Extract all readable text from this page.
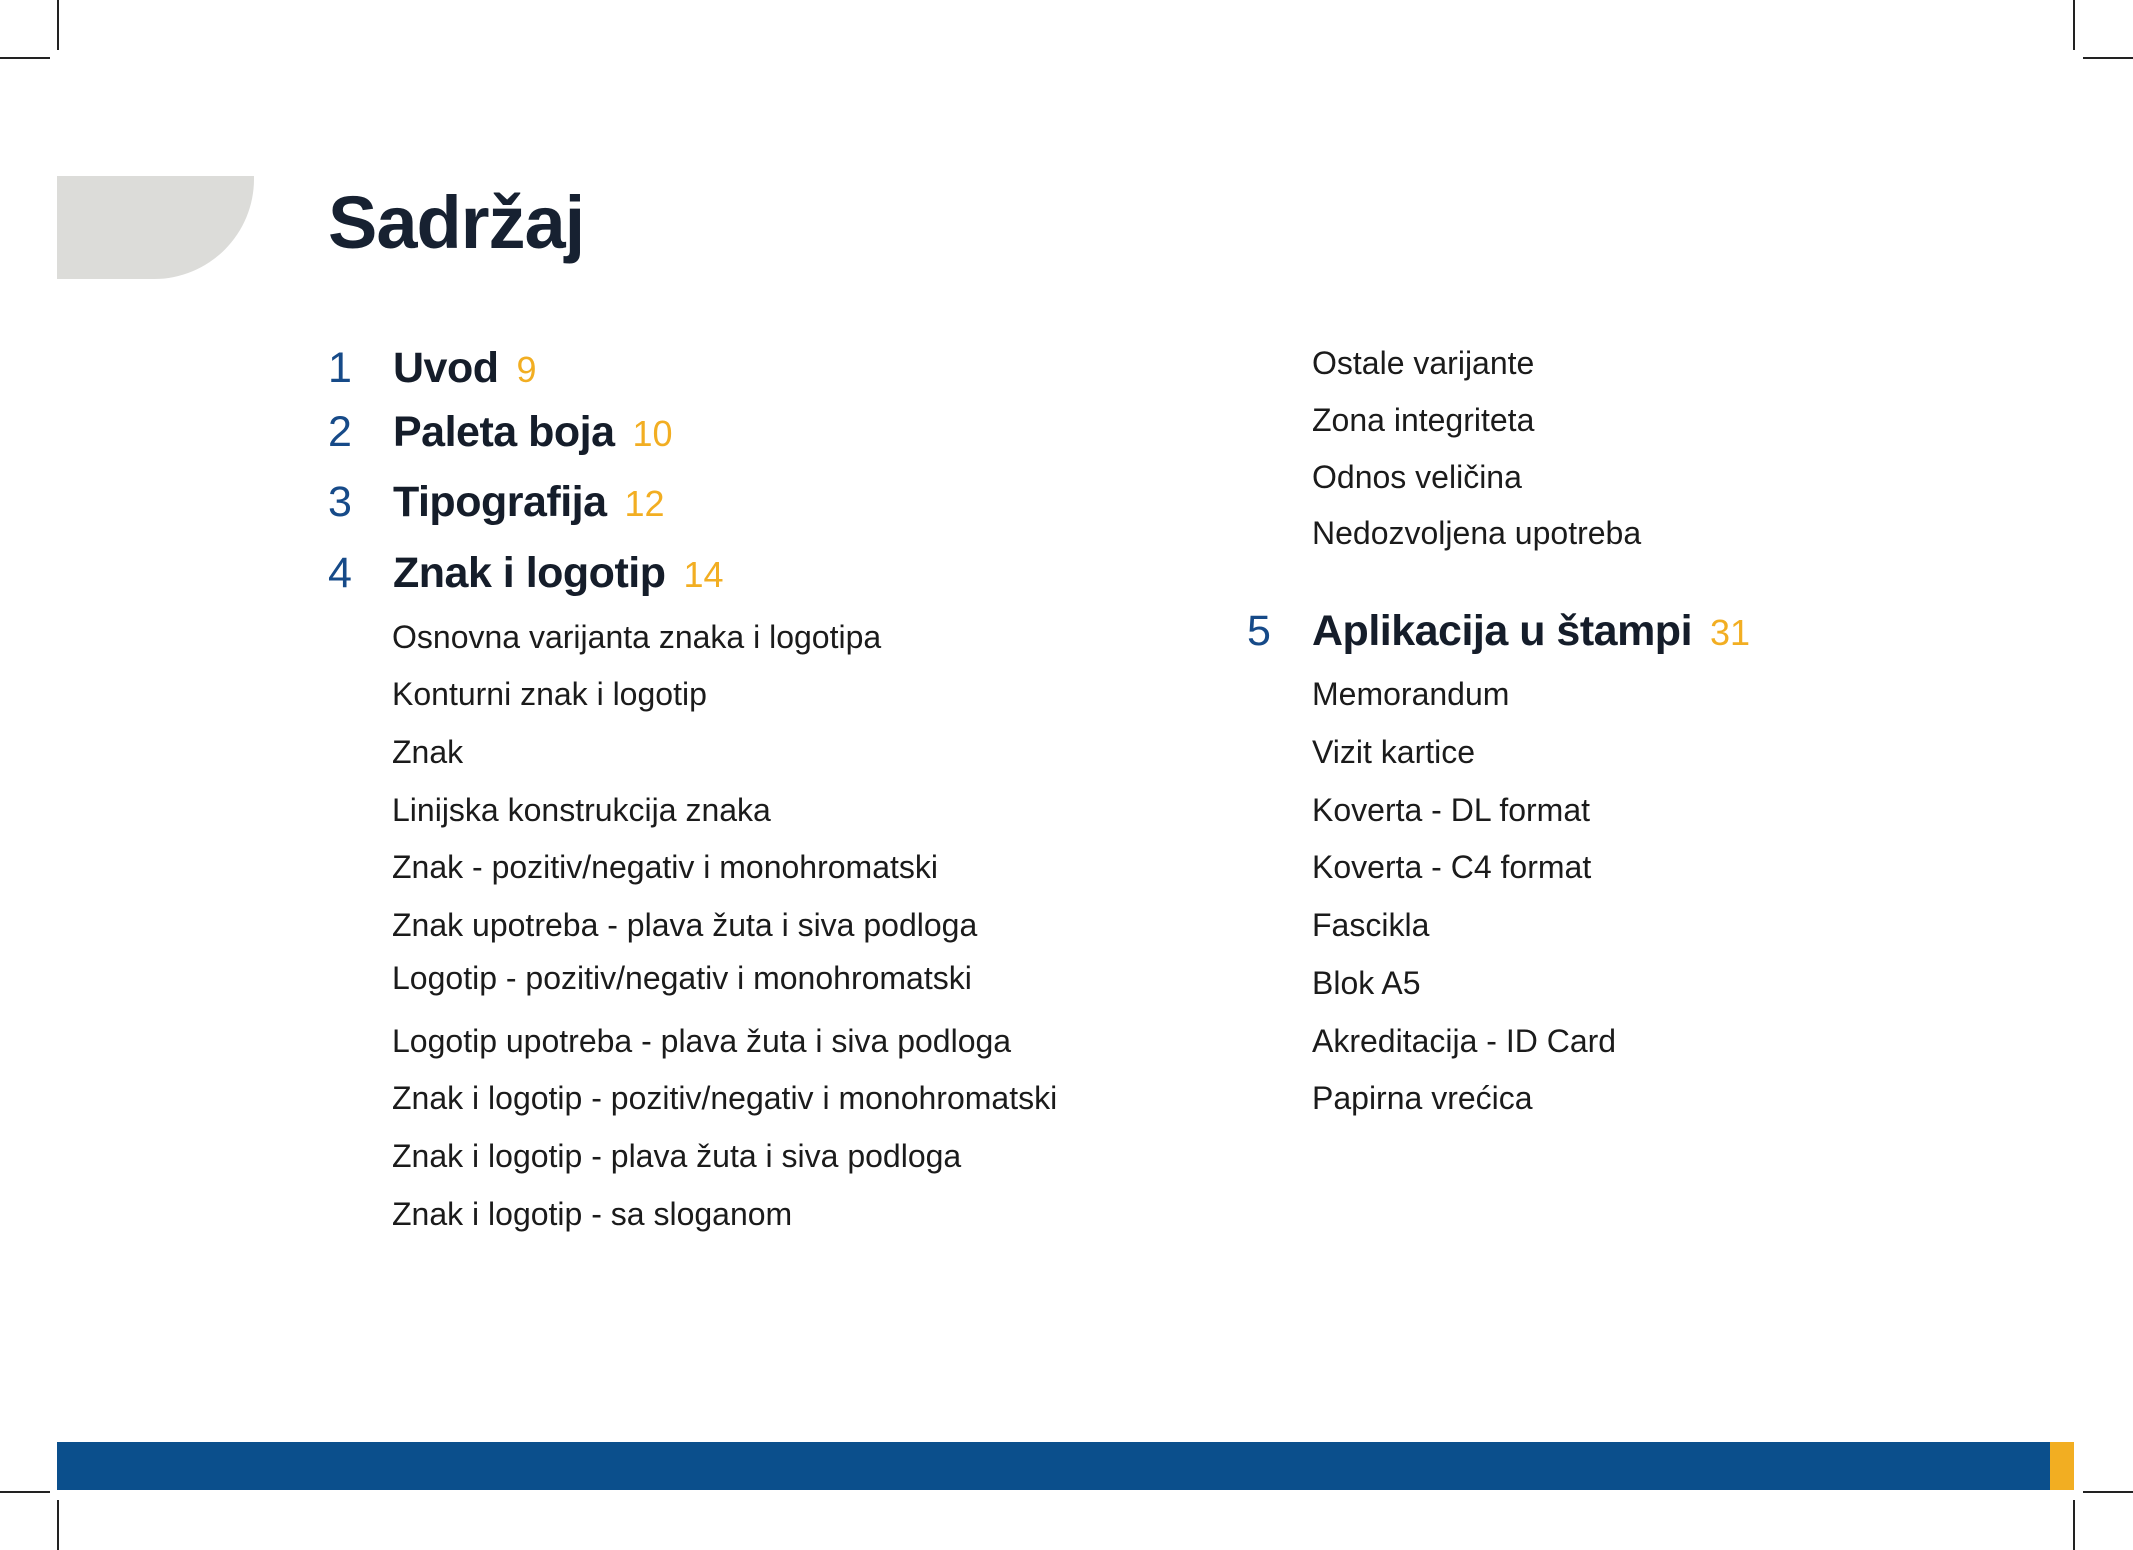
Sadržaj
1 Uvod 9
2 Paleta boja 10
3 Tipografija 12
4 Znak i logotip 14
Osnovna varijanta znaka i logotipa
Konturni znak i logotip
Znak
Linijska konstrukcija znaka
Znak - pozitiv/negativ i monohromatski
Znak upotreba - plava žuta i siva podloga
Logotip - pozitiv/negativ i monohromatski
Logotip upotreba - plava žuta i siva podloga
Znak i logotip - pozitiv/negativ i monohromatski
Znak i logotip - plava žuta i siva podloga
Znak i logotip - sa sloganom
Ostale varijante
Zona integriteta
Odnos veličina
Nedozvoljena upotreba
5 Aplikacija u štampi 31
Memorandum
Vizit kartice
Koverta - DL format
Koverta - C4 format
Fascikla
Blok A5
Akreditacija - ID Card
Papirna vrećica
